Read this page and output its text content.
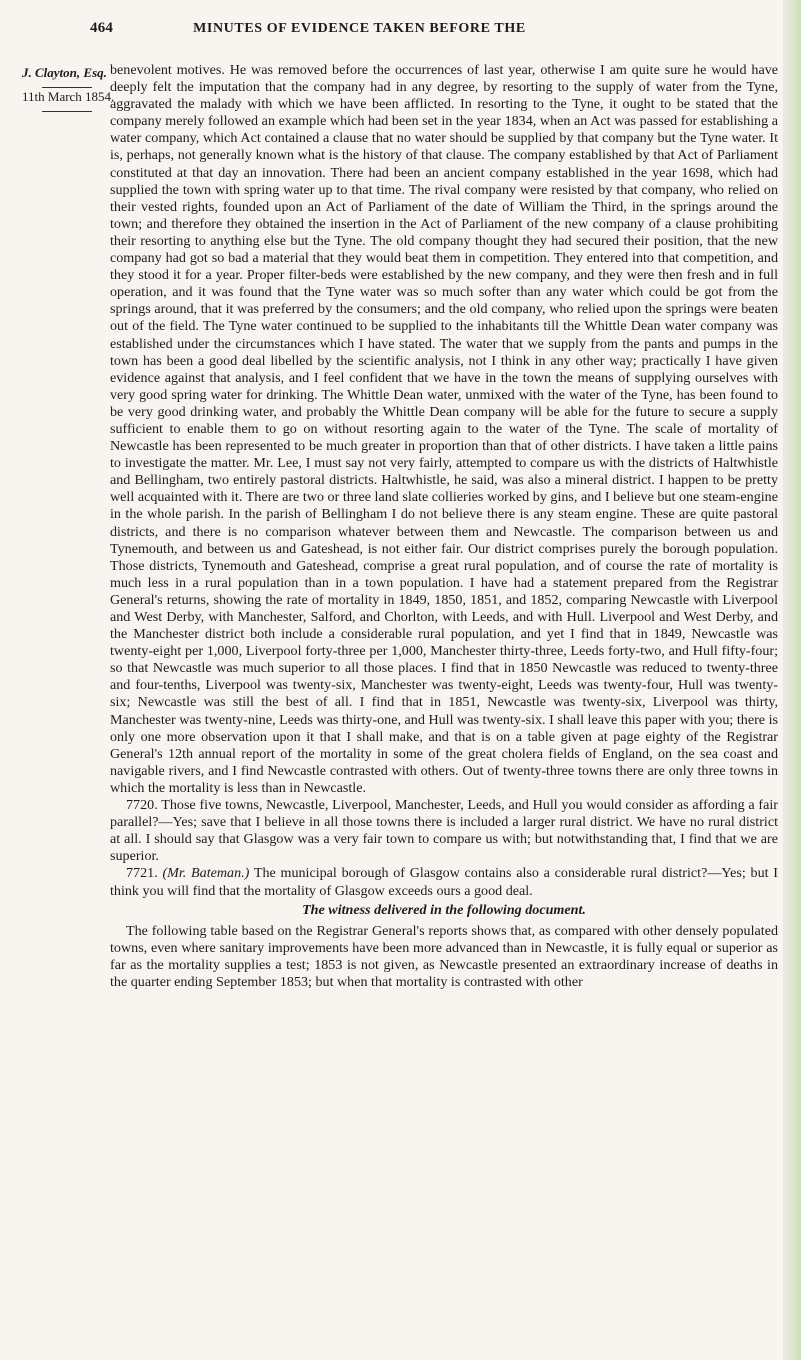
464	MINUTES OF EVIDENCE TAKEN BEFORE THE
J. Clayton, Esq.
11th March 1854.

benevolent motives. He was removed before the occurrences of last year, otherwise I am quite sure he would have deeply felt the imputation that the company had in any degree, by resorting to the supply of water from the Tyne, aggravated the malady with which we have been afflicted. In resorting to the Tyne, it ought to be stated that the company merely followed an example which had been set in the year 1834, when an Act was passed for establishing a water company, which Act contained a clause that no water should be supplied by that company but the Tyne water. It is, perhaps, not generally known what is the history of that clause. The company established by that Act of Parliament constituted at that day an innovation. There had been an ancient company established in the year 1698, which had supplied the town with spring water up to that time. The rival company were resisted by that company, who relied on their vested rights, founded upon an Act of Parliament of the date of William the Third, in the springs around the town; and therefore they obtained the insertion in the Act of Parliament of the new company of a clause prohibiting their resorting to anything else but the Tyne. The old company thought they had secured their position, that the new company had got so bad a material that they would beat them in competition. They entered into that competition, and they stood it for a year. Proper filter-beds were established by the new company, and they were then fresh and in full operation, and it was found that the Tyne water was so much softer than any water which could be got from the springs around, that it was preferred by the consumers; and the old company, who relied upon the springs were beaten out of the field. The Tyne water continued to be supplied to the inhabitants till the Whittle Dean water company was established under the circumstances which I have stated. The water that we supply from the pants and pumps in the town has been a good deal libelled by the scientific analysis, not I think in any other way; practically I have given evidence against that analysis, and I feel confident that we have in the town the means of supplying ourselves with very good spring water for drinking. The Whittle Dean water, unmixed with the water of the Tyne, has been found to be very good drinking water, and probably the Whittle Dean company will be able for the future to secure a supply sufficient to enable them to go on without resorting again to the water of the Tyne. The scale of mortality of Newcastle has been represented to be much greater in proportion than that of other districts. I have taken a little pains to investigate the matter. Mr. Lee, I must say not very fairly, attempted to compare us with the districts of Haltwhistle and Bellingham, two entirely pastoral districts. Haltwhistle, he said, was also a mineral district. I happen to be pretty well acquainted with it. There are two or three land slate collieries worked by gins, and I believe but one steam-engine in the whole parish. In the parish of Bellingham I do not believe there is any steam engine. These are quite pastoral districts, and there is no comparison whatever between them and Newcastle. The comparison between us and Tynemouth, and between us and Gateshead, is not either fair. Our district comprises purely the borough population. Those districts, Tynemouth and Gateshead, comprise a great rural population, and of course the rate of mortality is much less in a rural population than in a town population. I have had a statement prepared from the Registrar General's returns, showing the rate of mortality in 1849, 1850, 1851, and 1852, comparing Newcastle with Liverpool and West Derby, with Manchester, Salford, and Chorlton, with Leeds, and with Hull. Liverpool and West Derby, and the Manchester district both include a considerable rural population, and yet I find that in 1849, Newcastle was twenty-eight per 1,000, Liverpool forty-three per 1,000, Manchester thirty-three, Leeds forty-two, and Hull fifty-four; so that Newcastle was much superior to all those places. I find that in 1850 Newcastle was reduced to twenty-three and four-tenths, Liverpool was twenty-six, Manchester was twenty-eight, Leeds was twenty-four, Hull was twenty-six; Newcastle was still the best of all. I find that in 1851, Newcastle was twenty-six, Liverpool was thirty, Manchester was twenty-nine, Leeds was thirty-one, and Hull was twenty-six. I shall leave this paper with you; there is only one more observation upon it that I shall make, and that is on a table given at page eighty of the Registrar General's 12th annual report of the mortality in some of the great cholera fields of England, on the sea coast and navigable rivers, and I find Newcastle contrasted with others. Out of twenty-three towns there are only three towns in which the mortality is less than in Newcastle.

7720. Those five towns, Newcastle, Liverpool, Manchester, Leeds, and Hull you would consider as affording a fair parallel?—Yes; save that I believe in all those towns there is included a larger rural district. We have no rural district at all. I should say that Glasgow was a very fair town to compare us with; but notwithstanding that, I find that we are superior.

7721. (Mr. Bateman.) The municipal borough of Glasgow contains also a considerable rural district?—Yes; but I think you will find that the mortality of Glasgow exceeds ours a good deal.

The witness delivered in the following document.

The following table based on the Registrar General's reports shows that, as compared with other densely populated towns, even where sanitary improvements have been more advanced than in Newcastle, it is fully equal or superior as far as the mortality supplies a test; 1853 is not given, as Newcastle presented an extraordinary increase of deaths in the quarter ending September 1853; but when that mortality is contrasted with other
